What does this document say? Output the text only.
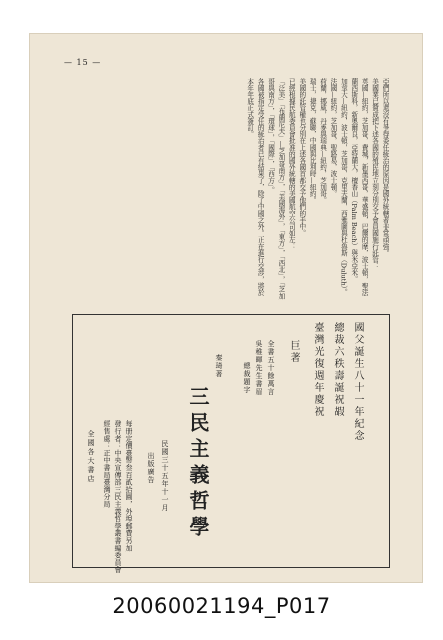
— 15 —

亞們所以還沒有爭得委任統治的原因是國外統轄者非常頑強。

美國業已贊成把下述各國的殖民地立刻分別交予會員國施行託管：

英國—紐約，芝加哥，費城，新墨西哥，華盛頓，巴爾的摩，波士頓，聖法蘭西斯科，新奧爾良，亞特蘭大，檀香山（Palm Beach）與米亞米。

加拿大—紐約，波士頓，芝加哥，克里夫蘭，西雅圖與杜魯斯（Duluth）。

法國—紐約，芝加哥，聖路易，波士頓。

荷蘭，挪威，丹麥與瑞典—紐約，芝加哥。

瑞士，捷克，蘇聯，中國與比利時—紐約。

美國的託管權也分別在上述各國首都交予他們的手中。

已經根據民航委員會批准的國外統轄的美國航空公司如左：

「泛美」「布蘭尼夫」—芝加哥南方」，「美國海外」，「東方」，「西北」，「芝加哥與南方」，「環球」，「國際」，「西方」。

各國被指定受任的統治者已有結果了，除了中國之外。正在進行交涉，將於本年年底正式簽訂。

國父誕生八十一年紀念
總裁六秩壽誕祝嘏
臺灣光復週年慶祝
巨著
全書五十餘萬言
吳稚暉先生書眉
總裁題字
秦琦著
三民主義哲學
民國三十五年十一月
出版廣告
每册定價臺幣叁百貳拾圓，外埠郵費另加
發行者：中央宣傳部三民主義哲學叢書編委員會
經售處：正中書局臺灣分局
全國各大書店
20060021194_P017
